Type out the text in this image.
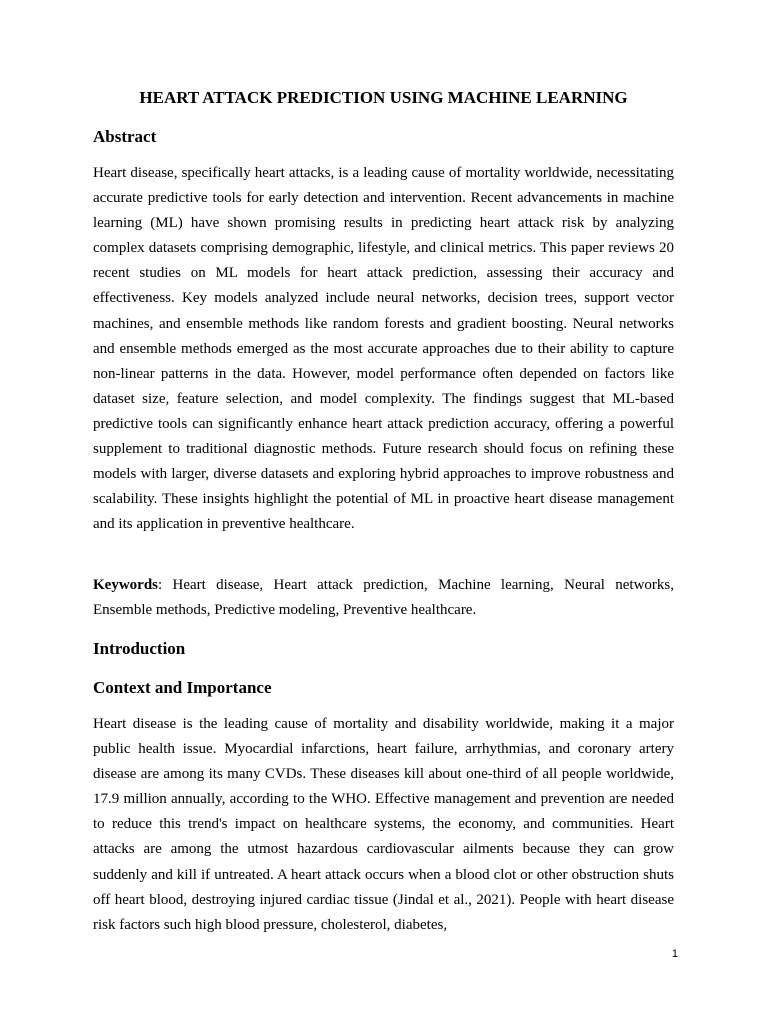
HEART ATTACK PREDICTION USING MACHINE LEARNING
Abstract

Heart disease, specifically heart attacks, is a leading cause of mortality worldwide, necessitating accurate predictive tools for early detection and intervention. Recent advancements in machine learning (ML) have shown promising results in predicting heart attack risk by analyzing complex datasets comprising demographic, lifestyle, and clinical metrics. This paper reviews 20 recent studies on ML models for heart attack prediction, assessing their accuracy and effectiveness. Key models analyzed include neural networks, decision trees, support vector machines, and ensemble methods like random forests and gradient boosting. Neural networks and ensemble methods emerged as the most accurate approaches due to their ability to capture non-linear patterns in the data. However, model performance often depended on factors like dataset size, feature selection, and model complexity. The findings suggest that ML-based predictive tools can significantly enhance heart attack prediction accuracy, offering a powerful supplement to traditional diagnostic methods. Future research should focus on refining these models with larger, diverse datasets and exploring hybrid approaches to improve robustness and scalability. These insights highlight the potential of ML in proactive heart disease management and its application in preventive healthcare.

Keywords: Heart disease, Heart attack prediction, Machine learning, Neural networks, Ensemble methods, Predictive modeling, Preventive healthcare.

Introduction
Context and Importance

Heart disease is the leading cause of mortality and disability worldwide, making it a major public health issue. Myocardial infarctions, heart failure, arrhythmias, and coronary artery disease are among its many CVDs. These diseases kill about one-third of all people worldwide, 17.9 million annually, according to the WHO. Effective management and prevention are needed to reduce this trend's impact on healthcare systems, the economy, and communities. Heart attacks are among the utmost hazardous cardiovascular ailments because they can grow suddenly and kill if untreated. A heart attack occurs when a blood clot or other obstruction shuts off heart blood, destroying injured cardiac tissue (Jindal et al., 2021). People with heart disease risk factors such high blood pressure, cholesterol, diabetes,

1
